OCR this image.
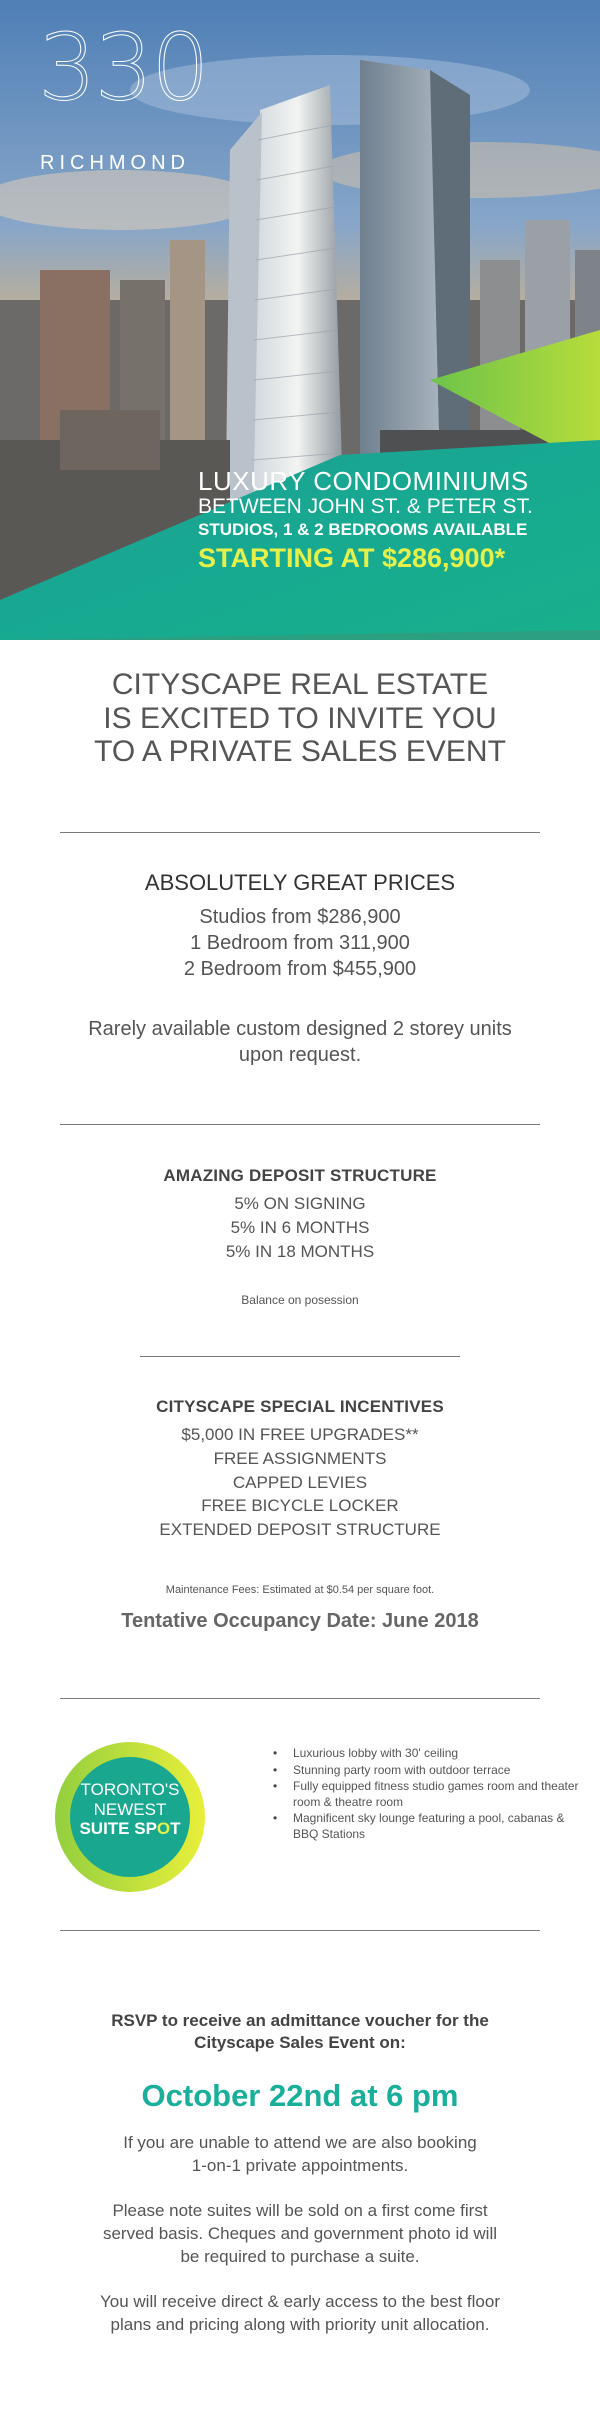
330
RICHMOND
LUXURY CONDOMINIUMS
BETWEEN JOHN ST. & PETER ST.
STUDIOS, 1 & 2 BEDROOMS AVAILABLE
STARTING AT $286,900*
CITYSCAPE REAL ESTATE
IS EXCITED TO INVITE YOU
TO A PRIVATE SALES EVENT
ABSOLUTELY GREAT PRICES
Studios from $286,900
1 Bedroom from 311,900
2 Bedroom from $455,900
Rarely available custom designed 2 storey units
upon request.
AMAZING DEPOSIT STRUCTURE
5% ON SIGNING
5% IN 6 MONTHS
5% IN 18 MONTHS
Balance on posession
CITYSCAPE SPECIAL INCENTIVES
$5,000 IN FREE UPGRADES**
FREE ASSIGNMENTS
CAPPED LEVIES
FREE BICYCLE LOCKER
EXTENDED DEPOSIT STRUCTURE
Maintenance Fees: Estimated at $0.54 per square foot.
Tentative Occupancy Date: June 2018
TORONTO'S
NEWEST
SUITE SPOT
• Luxurious lobby with 30' ceiling
• Stunning party room with outdoor terrace
• Fully equipped fitness studio games room and theater room & theatre room
• Magnificent sky lounge featuring a pool, cabanas & BBQ Stations
RSVP to receive an admittance voucher for the
Cityscape Sales Event on:
October 22nd at 6 pm
If you are unable to attend we are also booking
1-on-1 private appointments.
Please note suites will be sold on a first come first
served basis. Cheques and government photo id will
be required to purchase a suite.
You will receive direct & early access to the best floor
plans and pricing along with priority unit allocation.
